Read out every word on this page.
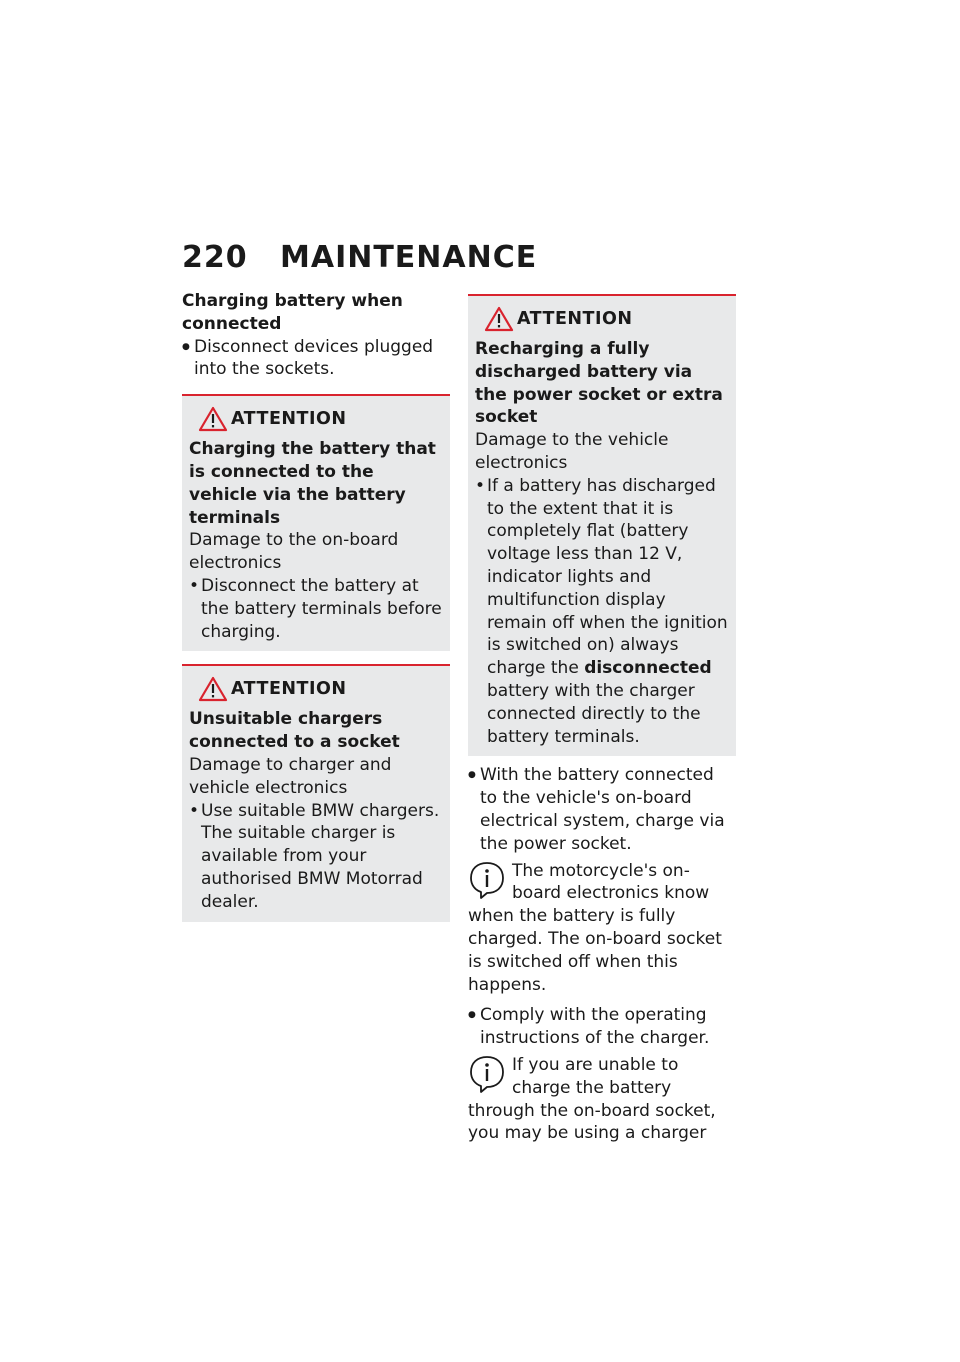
220 MAINTENANCE
Charging battery when connected
● Disconnect devices plugged into the sockets.
ATTENTION
Charging the battery that is connected to the vehicle via the battery terminals

Damage to the on-board electronics

• Disconnect the battery at the battery terminals before charging.
ATTENTION
Unsuitable chargers connected to a socket

Damage to charger and vehicle electronics

• Use suitable BMW chargers. The suitable charger is available from your authorised BMW Motorrad dealer.
ATTENTION
Recharging a fully discharged battery via the power socket or extra socket

Damage to the vehicle electronics

• If a battery has discharged to the extent that it is completely flat (battery voltage less than 12 V, indicator lights and multifunction display remain off when the ignition is switched on) always charge the disconnected battery with the charger connected directly to the battery terminals.
● With the battery connected to the vehicle's on-board electrical system, charge via the power socket.
The motorcycle's on-board electronics know
when the battery is fully charged. The on-board socket is switched off when this happens.
● Comply with the operating instructions of the charger.
If you are unable to charge the battery
through the on-board socket, you may be using a charger
